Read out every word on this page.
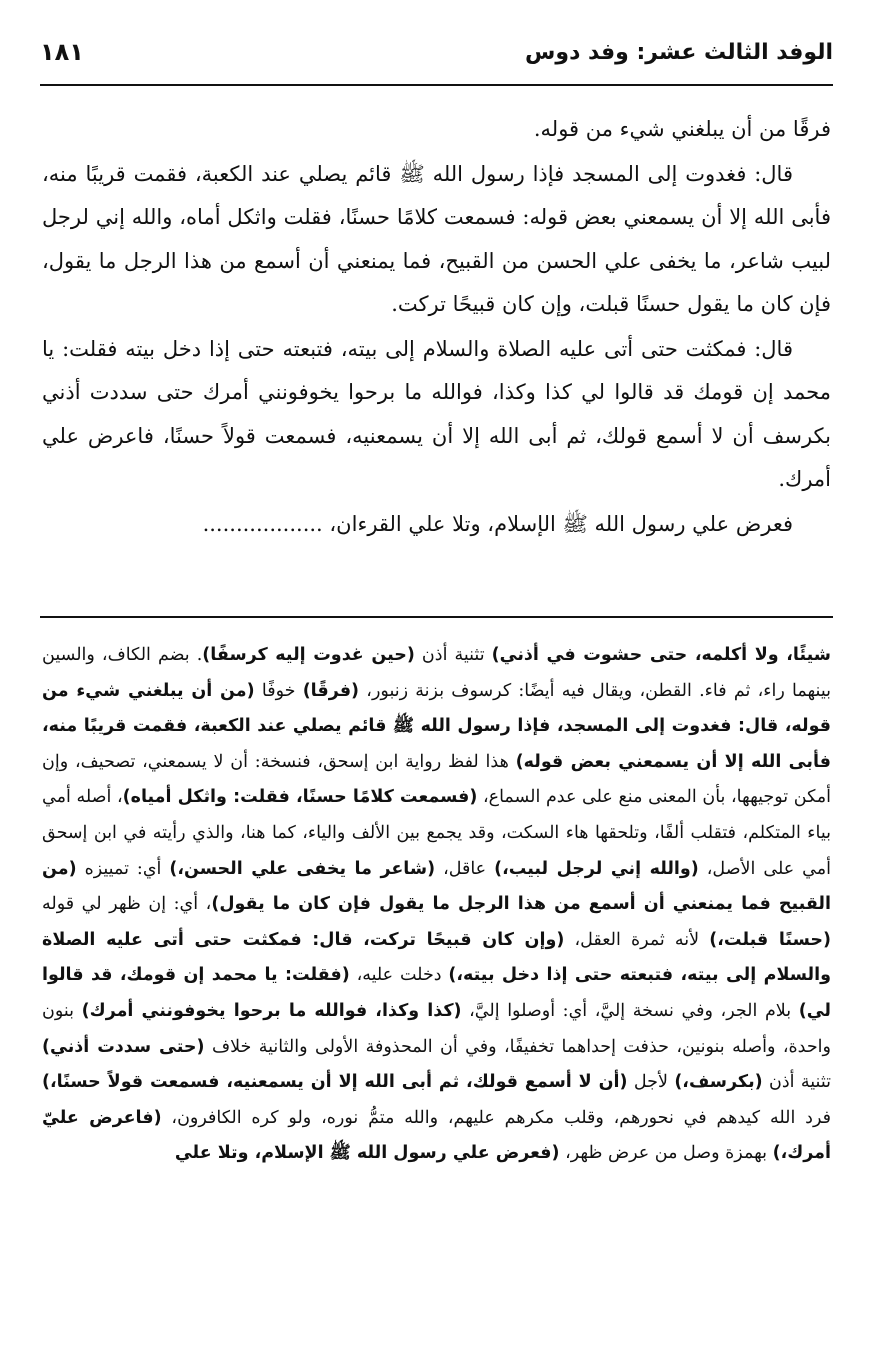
الوفد الثالث عشر: وفد دوس
١٨١

فرقًا من أن يبلغني شيء من قوله.

قال: فغدوت إلى المسجد فإذا رسول الله ﷺ قائم يصلي عند الكعبة، فقمت قريبًا منه، فأبى الله إلا أن يسمعني بعض قوله: فسمعت كلامًا حسنًا، فقلت واثكل أماه، والله إني لرجل لبيب شاعر، ما يخفى علي الحسن من القبيح، فما يمنعني أن أسمع من هذا الرجل ما يقول، فإن كان ما يقول حسنًا قبلت، وإن كان قبيحًا تركت.

قال: فمكثت حتى أتى عليه الصلاة والسلام إلى بيته، فتبعته حتى إذا دخل بيته فقلت: يا محمد إن قومك قد قالوا لي كذا وكذا، فوالله ما برحوا يخوفونني أمرك حتى سددت أذني بكرسف أن لا أسمع قولك، ثم أبى الله إلا أن يسمعنيه، فسمعت قولاً حسنًا، فاعرض علي أمرك.

فعرض علي رسول الله ﷺ الإسلام، وتلا علي القرءان، ..................

شيئًا، ولا أكلمه، حتى حشوت في أذني) تثنية أذن (حين غدوت إليه كرسفًا). بضم الكاف، والسين بينهما راء، ثم فاء. القطن، ويقال فيه أيضًا: كرسوف بزنة زنبور، (فرقًا) خوفًا (من أن يبلغني شيء من قوله، قال: فغدوت إلى المسجد، فإذا رسول الله ﷺ قائم يصلي عند الكعبة، فقمت قريبًا منه، فأبى الله إلا أن يسمعني بعض قوله) هذا لفظ رواية ابن إسحق، فنسخة: أن لا يسمعني، تصحيف، وإن أمكن توجيهها، بأن المعنى منع على عدم السماع، (فسمعت كلامًا حسنًا، فقلت: واثكل أمياه)، أصله أمي بياء المتكلم، فتقلب ألفًا، وتلحقها هاء السكت، وقد يجمع بين الألف والياء، كما هنا، والذي رأيته في ابن إسحق أمي على الأصل، (والله إني لرجل لبيب،) عاقل، (شاعر ما يخفى علي الحسن،) أي: تمييزه (من القبيح فما يمنعني أن أسمع من هذا الرجل ما يقول فإن كان ما يقول)، أي: إن ظهر لي قوله (حسنًا قبلت،) لأنه ثمرة العقل، (وإن كان قبيحًا تركت، قال: فمكثت حتى أتى عليه الصلاة والسلام إلى بيته، فتبعته حتى إذا دخل بيته،) دخلت عليه، (فقلت: يا محمد إن قومك، قد قالوا لي) بلام الجر، وفي نسخة إليَّ، أي: أوصلوا إليَّ، (كذا وكذا، فوالله ما برحوا يخوفونني أمرك) بنون واحدة، وأصله بنونين، حذفت إحداهما تخفيفًا، وفي أن المحذوفة الأولى والثانية خلاف (حتى سددت أذني) تثنية أذن (بكرسف،) لأجل (أن لا أسمع قولك، ثم أبى الله إلا أن يسمعنيه، فسمعت قولاً حسنًا،) فرد الله كيدهم في نحورهم، وقلب مكرهم عليهم، والله متمُّ نوره، ولو كره الكافرون، (فاعرض عليّ أمرك،) بهمزة وصل من عرض ظهر، (فعرض علي رسول الله ﷺ الإسلام، وتلا علي
